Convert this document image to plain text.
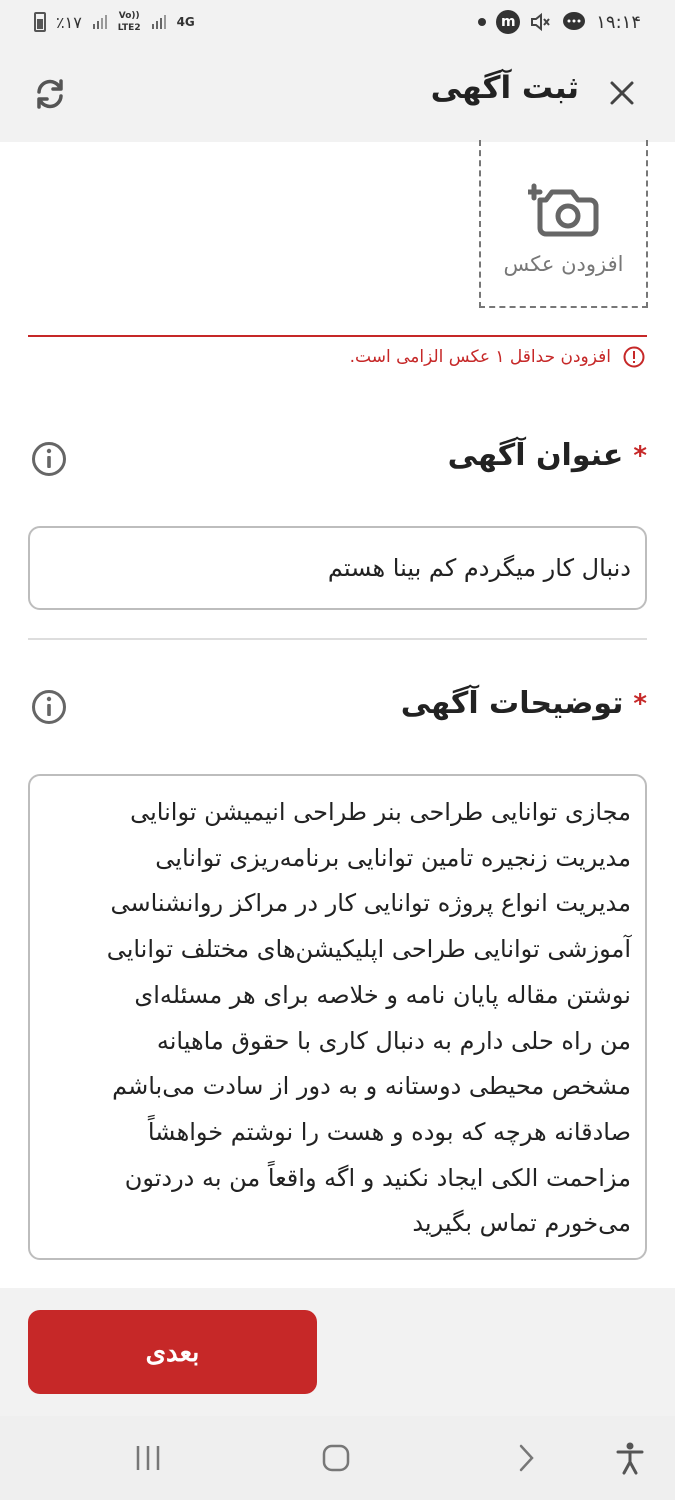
٪۱۷	Vo))
LTE2	4G	m	۱۹:۱۴
ثبت آگهی
افزودن عکس
افزودن حداقل ۱ عکس الزامی است.
*
عنوان آگهی
دنبال کار میگردم کم بینا هستم
*
توضیحات آگهی
مجازی توانایی طراحی بنر طراحی انیمیشن توانایی
مدیریت زنجیره تامین توانایی برنامه‌ریزی توانایی
مدیریت انواع پروژه توانایی کار در مراکز روانشناسی
آموزشی توانایی طراحی اپلیکیشن‌های مختلف توانایی
نوشتن مقاله پایان نامه و خلاصه برای هر مسئله‌ای
من راه حلی دارم به دنبال کاری با حقوق ماهیانه
مشخص محیطی دوستانه و به دور از سادت می‌باشم
صادقانه هرچه که بوده و هست را نوشتم خواهشاً
مزاحمت الکی ایجاد نکنید و اگه واقعاً من به دردتون
می‌خورم تماس بگیرید
بعدی
